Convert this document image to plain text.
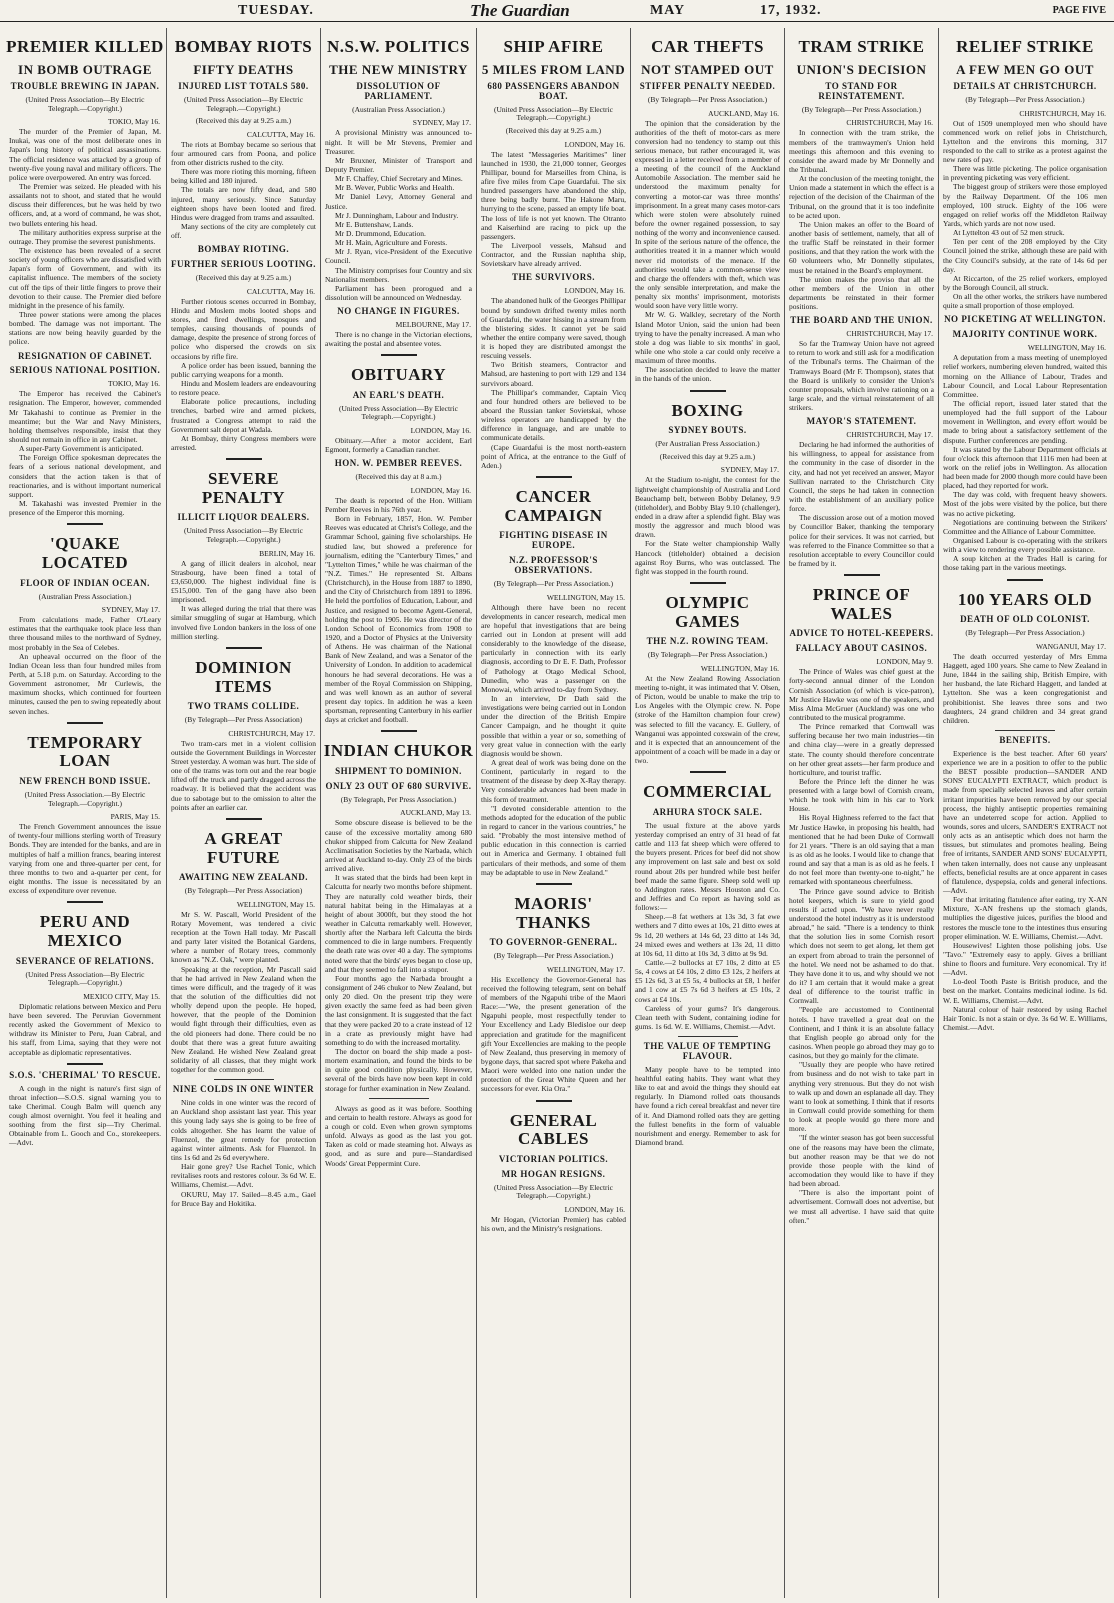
TUESDAY.	The Guardian	MAY	17, 1932.	PAGE FIVE
PREMIER KILLED
IN BOMB OUTRAGE
TROUBLE BREWING IN JAPAN.
(United Press Association—By Electric Telegraph.—Copyright.)
TOKIO, May 16.

The murder of the Premier of Japan, M. Inukai, was one of the most deliberate ones in Japan's long history of political assassinations. The official residence was attacked by a group of twenty-five young naval and military officers. The police were overpowered. An entry was forced.

The Premier was seized. He pleaded with his assailants not to shoot, and stated that he would discuss their differences, but he was held by two officers, and, at a word of command, he was shot, two bullets entering his head.

The military authorities express surprise at the outrage. They promise the severest punishments.

The existence has been revealed of a secret society of young officers who are dissatisfied with Japan's form of Government, and with its capitalist influence. The members of the society cut off the tips of their little fingers to prove their devotion to their cause. The Premier died before midnight in the presence of his family.

Three power stations were among the places bombed. The damage was not important. The stations are now being heavily guarded by the police.

RESIGNATION OF CABINET.
SERIOUS NATIONAL POSITION.
TOKIO, May 16.

The Emperor has received the Cabinet's resignation. The Emperor, however, commended Mr Takahashi to continue as Premier in the meantime; but the War and Navy Ministers, holding themselves responsible, insist that they should not remain in office in any Cabinet.

A super-Party Government is anticipated.

The Foreign Office spokesman deprecates the fears of a serious national development, and considers that the action taken is that of reactionaries, and is without important numerical support.

M. Takahashi was invested Premier in the presence of the Emperor this morning.

'QUAKE LOCATED
FLOOR OF INDIAN OCEAN.
(Australian Press Association.)
SYDNEY, May 17.

From calculations made, Father O'Leary estimates that the earthquake took place less than three thousand miles to the northward of Sydney, most probably in the Sea of Celebes.

An upheaval occurred on the floor of the Indian Ocean less than four hundred miles from Perth, at 5.18 p.m. on Saturday. According to the Government astronomer, Mr Curlewis, the maximum shocks, which continued for fourteen minutes, caused the pen to swing repeatedly about seven inches.

TEMPORARY LOAN
NEW FRENCH BOND ISSUE.
(United Press Association.—By Electric Telegraph.—Copyright.)
PARIS, May 15.

The French Government announces the issue of twenty-four millions sterling worth of Treasury Bonds. They are intended for the banks, and are in multiples of half a million francs, bearing interest varying from one and three-quarter per cent, for three months to two and a-quarter per cent, for eight months. The issue is necessitated by an excess of expenditure over revenue.

PERU AND MEXICO
SEVERANCE OF RELATIONS.
(United Press Association—By Electric Telegraph.—Copyright.)
MEXICO CITY, May 15.

Diplomatic relations between Mexico and Peru have been severed. The Peruvian Government recently asked the Government of Mexico to withdraw its Minister to Peru, Juan Cabral, and his staff, from Lima, saying that they were not acceptable as diplomatic representatives.

S.O.S. 'CHERIMAL' TO RESCUE.

A cough in the night is nature's first sign of throat infection—S.O.S. signal warning you to take Cherimal. Cough Balm will quench any cough almost overnight. You feel it healing and soothing from the first sip—Try Cherimal. Obtainable from L. Gooch and Co., storekeepers.—Advt.

BOMBAY RIOTS
FIFTY DEATHS
INJURED LIST TOTALS 580.
(United Press Association—By Electric Telegraph.—Copyright.)
(Received this day at 9.25 a.m.)
CALCUTTA, May 16.

The riots at Bombay became so serious that four armoured cars from Poona, and police from other districts rushed to the city.

There was more rioting this morning, fifteen being killed and 180 injured.

The totals are now fifty dead, and 580 injured, many seriously. Since Saturday eighteen shops have been looted and fired. Hindus were dragged from trams and assaulted.

Many sections of the city are completely cut off.

BOMBAY RIOTING.
FURTHER SERIOUS LOOTING.
(Received this day at 9.25 a.m.)
CALCUTTA, May 16.

Further riotous scenes occurred in Bombay, Hindu and Moslem mobs looted shops and stores, and fired dwellings, mosques and temples, causing thousands of pounds of damage, despite the presence of strong forces of police who dispersed the crowds on six occasions by rifle fire.

A police order has been issued, banning the public carrying weapons for a month.

Hindu and Moslem leaders are endeavouring to restore peace.

Elaborate police precautions, including trenches, barbed wire and armed pickets, frustrated a Congress attempt to raid the Government salt depot at Wadala.

At Bombay, thirty Congress members were arrested.

SEVERE PENALTY
ILLICIT LIQUOR DEALERS.
(United Press Association—By Electric Telegraph.—Copyright.)
BERLIN, May 16.

A gang of illicit dealers in alcohol, near Strasbourg, have been fined a total of £3,650,000. The highest individual fine is £515,000. Ten of the gang have also been imprisoned.

It was alleged during the trial that there was similar smuggling of sugar at Hamburg, which involved five London bankers in the loss of one million sterling.

DOMINION ITEMS
TWO TRAMS COLLIDE.
(By Telegraph—Per Press Association)
CHRISTCHURCH, May 17.

Two tram-cars met in a violent collision outside the Government Buildings in Worcester Street yesterday. A woman was hurt. The side of one of the trams was torn out and the rear bogie lifted off the truck and partly dragged across the roadway. It is believed that the accident was due to sabotage but to the omission to alter the points after an earlier car.

A GREAT FUTURE
AWAITING NEW ZEALAND.
(By Telegraph—Per Press Association)
WELLINGTON, May 15.

Mr S. W. Pascall, World President of the Rotary Movement, was tendered a civic reception at the Town Hall today. Mr Pascall and party later visited the Botanical Gardens, where a number of Rotary trees, commonly known as "N.Z. Oak," were planted.

Speaking at the reception, Mr Pascall said that he had arrived in New Zealand when the times were difficult, and the tragedy of it was that the solution of the difficulties did not wholly depend upon the people. He hoped, however, that the people of the Dominion would fight through their difficulties, even as the old pioneers had done. There could be no doubt that there was a great future awaiting New Zealand. He wished New Zealand great solidarity of all classes, that they might work together for the common good.

NINE COLDS IN ONE WINTER

Nine colds in one winter was the record of an Auckland shop assistant last year. This year this young lady says she is going to be free of colds altogether. She has learnt the value of Fluenzol, the great remedy for protection against winter ailments. Ask for Fluenzol. In tins 1s 6d and 2s 6d everywhere.

Hair gone grey? Use Rachel Tonic, which revitalises roots and restores colour. 3s 6d W. E. Williams, Chemist.—Advt.

OKURU, May 17. Sailed—8.45 a.m., Gael for Bruce Bay and Hokitika.

N.S.W. POLITICS
THE NEW MINISTRY
DISSOLUTION OF PARLIAMENT.
(Australian Press Association.)
SYDNEY, May 17.

A provisional Ministry was announced to-night. It will be Mr Stevens, Premier and Treasurer.

Mr Bruxner, Minister of Transport and Deputy Premier.

Mr F. Chaffey, Chief Secretary and Mines.

Mr B. Wever, Public Works and Health.

Mr Daniel Levy, Attorney General and Justice.

Mr J. Dunningham, Labour and Industry.

Mr E. Buttenshaw, Lands.

Mr D. Drummond, Education.

Mr H. Main, Agriculture and Forests.

Mr J. Ryan, vice-President of the Executive Council.

The Ministry comprises four Country and six Nationalist members.

Parliament has been prorogued and a dissolution will be announced on Wednesday.

NO CHANGE IN FIGURES.
MELBOURNE, May 17.

There is no change in the Victorian elections, awaiting the postal and absentee votes.

OBITUARY
AN EARL'S DEATH.
(United Press Association—By Electric Telegraph.—Copyright.)
LONDON, May 16.

Obituary.—After a motor accident, Earl Egmont, formerly a Canadian rancher.

HON. W. PEMBER REEVES.
(Received this day at 8 a.m.)
LONDON, May 16.

The death is reported of the Hon. William Pember Reeves in his 76th year.

Born in February, 1857, Hon. W. Pember Reeves was educated at Christ's College, and the Grammar School, gaining five scholarships. He studied law, but showed a preference for journalism, editing the "Canterbury Times," and "Lyttelton Times," while he was chairman of the "N.Z. Times." He represented St. Albans (Christchurch), in the House from 1887 to 1890, and the City of Christchurch from 1891 to 1896. He held the portfolios of Education, Labour, and Justice, and resigned to become Agent-General, holding the post to 1905. He was director of the London School of Economics from 1908 to 1920, and a Doctor of Physics at the University of Athens. He was chairman of the National Bank of New Zealand, and was a Senator of the University of London. In addition to academical honours he had several decorations. He was a member of the Royal Commission on Shipping, and was well known as an author of several present day topics. In addition he was a keen sportsman, representing Canterbury in his earlier days at cricket and football.

INDIAN CHUKOR
SHIPMENT TO DOMINION.
ONLY 23 OUT OF 680 SURVIVE.
(By Telegraph, Per Press Association.)
AUCKLAND, May 13.

Some obscure disease is believed to be the cause of the excessive mortality among 680 chukor shipped from Calcutta for New Zealand Acclimatisation Societies by the Narbada, which arrived at Auckland to-day. Only 23 of the birds arrived alive.

It was stated that the birds had been kept in Calcutta for nearly two months before shipment. They are naturally cold weather birds, their natural habitat being in the Himalayas at a height of about 3000ft, but they stood the hot weather in Calcutta remarkably well. However, shortly after the Narbara left Calcutta the birds commenced to die in large numbers. Frequently the death rate was over 40 a day. The symptoms noted were that the birds' eyes began to close up, and that they seemed to fall into a stupor.

Four months ago the Narbada brought a consignment of 246 chukor to New Zealand, but only 20 died. On the present trip they were given exactly the same feed as had been given the last consignment. It is suggested that the fact that they were packed 20 to a crate instead of 12 in a crate as previously might have had something to do with the increased mortality.

The doctor on board the ship made a post-mortem examination, and found the birds to be in quite good condition physically. However, several of the birds have now been kept in cold storage for further examination in New Zealand.

Always as good as it was before. Soothing and certain to health restore. Always as good for a cough or cold. Even when grown symptoms unfold. Always as good as the last you got. Taken as cold or made steaming hot. Always as good, and as sure and pure—Standardised Woods' Great Peppermint Cure.

SHIP AFIRE
5 MILES FROM LAND
680 PASSENGERS ABANDON BOAT.
(United Press Association—By Electric Telegraph.—Copyright.)
(Received this day at 9.25 a.m.)
LONDON, May 16.

The latest "Messageries Maritimes" liner launched in 1930, the 21,000 tonner, Georges Phillipar, bound for Marseilles from China, is afire five miles from Cape Guardafui. The six hundred passengers have abandoned the ship, three being badly burnt. The Hakone Maru, hurrying to the scene, passed an empty life boat. The loss of life is not yet known. The Otranto and Kaiserhind are racing to pick up the passengers.

The Liverpool vessels, Mahsud and Contractor, and the Russian naphtha ship, Sovietskarv have already arrived.

THE SURVIVORS.
LONDON, May 16.

The abandoned hulk of the Georges Phillipar bound by sundown drifted twenty miles north of Guardafui, the water hissing in a stream from the blistering sides. It cannot yet be said whether the entire company were saved, though it is hoped they are distributed amongst the rescuing vessels.

Two British steamers, Contractor and Mahsud, are hastening to port with 129 and 134 survivors aboard.

The Phillipar's commander, Captain Vicq and four hundred others are believed to be aboard the Russian tanker Sovietskai, whose wireless operators are handicapped by the difference in language, and are unable to communicate details.

(Cape Guardafui is the most north-eastern point of Africa, at the entrance to the Gulf of Aden.)

CANCER CAMPAIGN
FIGHTING DISEASE IN EUROPE.
N.Z. PROFESSOR'S OBSERVATIONS.
(By Telegraph—Per Press Association.)
WELLINGTON, May 15.

Although there have been no recent developments in cancer research, medical men are hopeful that investigations that are being carried out in London at present will add considerably to the knowledge of the disease, particularly in connection with its early diagnosis, according to Dr E. F. Dath, Professor of Pathology at Otago Medical School, Dunedin, who was a passenger on the Monowai, which arrived to-day from Sydney.

In an interview, Dr Dath said the investigations were being carried out in London under the direction of the British Empire Cancer Campaign, and he thought it quite possible that within a year or so, something of very great value in connection with the early diagnosis would be shown.

A great deal of work was being done on the Continent, particularly in regard to the treatment of the disease by deep X-Ray therapy. Very considerable advances had been made in this form of treatment.

"I devoted considerable attention to the methods adopted for the education of the public in regard to cancer in the various countries," he said. "Probably the most intensive method of public education in this connection is carried out in America and Germany. I obtained full particulars of their methods, and some of them may be adaptable to use in New Zealand."

MAORIS' THANKS
TO GOVERNOR-GENERAL.
(By Telegraph—Per Press Association.)
WELLINGTON, May 17.

His Excellency the Governor-General has received the following telegram, sent on behalf of members of the Ngapuhi tribe of the Maori Race:—"We, the present generation of the Ngapuhi people, most respectfully tender to Your Excellency and Lady Bledisloe our deep appreciation and gratitude for the magnificent gift Your Excellencies are making to the people of New Zealand, thus preserving in memory of bygone days, that sacred spot where Pakeha and Maori were welded into one nation under the protection of the Great White Queen and her successors for ever. Kia Ora."

GENERAL CABLES
VICTORIAN POLITICS.
MR HOGAN RESIGNS.
(United Press Association—By Electric Telegraph.—Copyright.)
LONDON, May 16.

Mr Hogan, (Victorian Premier) has cabled his own, and the Ministry's resignations.

CAR THEFTS
NOT STAMPED OUT
STIFFER PENALTY NEEDED.
(By Telegraph—Per Press Association.)
AUCKLAND, May 16.

The opinion that the consideration by the authorities of the theft of motor-cars as mere conversion had no tendency to stamp out this serious menace, but rather encouraged it, was expressed in a letter received from a member of a meeting of the council of the Auckland Automobile Association. The member said he understood the maximum penalty for converting a motor-car was three months' imprisonment. In a great many cases motor-cars which were stolen were absolutely ruined before the owner regained possession, to say nothing of the worry and inconvenience caused. In spite of the serious nature of the offence, the authorities treated it in a manner which would never rid motorists of the menace. If the authorities would take a common-sense view and charge the offenders with theft, which was the only sensible interpretation, and make the penalty six months' imprisonment, motorists would soon have very little worry.

Mr W. G. Walkley, secretary of the North Island Motor Union, said the union had been trying to have the penalty increased. A man who stole a dog was liable to six months' in gaol, while one who stole a car could only receive a maximum of three months.

The association decided to leave the matter in the hands of the union.

BOXING
SYDNEY BOUTS.
(Per Australian Press Association.)
(Received this day at 9.25 a.m.)
SYDNEY, May 17.

At the Stadium to-night, the contest for the lightweight championship of Australia and Lord Beauchamp belt, between Bobby Delaney, 9.9 (titleholder), and Bobby Blay 9.10 (challenger), ended in a draw after a splendid fight. Blay was mostly the aggressor and much blood was drawn.

For the State welter championship Wally Hancock (titleholder) obtained a decision against Roy Burns, who was outclassed. The fight was stopped in the fourth round.

OLYMPIC GAMES
THE N.Z. ROWING TEAM.
(By Telegraph—Per Press Association.)
WELLINGTON, May 16.

At the New Zealand Rowing Association meeting to-night, it was intimated that V. Olsen, of Picton, would be unable to make the trip to Los Angeles with the Olympic crew. N. Pope (stroke of the Hamilton champion four crew) was selected to fill the vacancy. E. Gullery, of Wanganui was appointed coxswain of the crew, and it is expected that an announcement of the appointment of a coach will be made in a day or two.

COMMERCIAL
ARHURA STOCK SALE.

The usual fixture at the above yards yesterday comprised an entry of 31 head of fat cattle and 113 fat sheep which were offered to the buyers present. Prices for beef did not show any improvement on last sale and best ox sold round about 20s per hundred while best heifer beef made the same figure. Sheep sold well up to Addington rates. Messrs Houston and Co. and Jeffries and Co report as having sold as follows:—

Sheep.—8 fat wethers at 13s 3d, 3 fat ewe wethers and 7 ditto ewes at 10s, 21 ditto ewes at 9s 1d, 20 wethers at 14s 6d, 23 ditto at 14s 3d, 24 mixed ewes and wethers at 13s 2d, 11 ditto at 10s 6d, 11 ditto at 10s 3d, 3 ditto at 9s 9d.

Cattle.—2 bullocks at £7 10s, 2 ditto at £5 5s, 4 cows at £4 10s, 2 ditto £3 12s, 2 heifers at £5 12s 6d, 3 at £5 5s, 4 bullocks at £8, 1 heifer and 1 cow at £5 7s 6d 3 heifers at £5 10s, 2 cows at £4 10s.

Careless of your gums? It's dangerous. Clean teeth with Sudent, containing iodine for gums. 1s 6d. W. E. Williams, Chemist.—Advt.

THE VALUE OF TEMPTING FLAVOUR.

Many people have to be tempted into healthful eating habits. They want what they like to eat and avoid the things they should eat regularly. In Diamond rolled oats thousands have found a rich cereal breakfast and never tire of it. And Diamond rolled oats they are getting the fullest benefits in the form of valuable nourishment and energy. Remember to ask for Diamond brand.

TRAM STRIKE
UNION'S DECISION
TO STAND FOR REINSTATEMENT.
(By Telegraph—Per Press Association.)
CHRISTCHURCH, May 16.

In connection with the tram strike, the members of the tramwaymen's Union held meetings this afternoon and this evening to consider the award made by Mr Donnelly and the Tribunal.

At the conclusion of the meeting tonight, the Union made a statement in which the effect is a rejection of the decision of the Chairman of the Tribunal, on the ground that it is too indefinite to be acted upon.

The Union makes an offer to the Board of another basis of settlement, namely, that all of the traffic Staff be reinstated in their former positions, and that they ration the work with the 60 volunteers who, Mr Donnelly stipulates, must be retained in the Board's employment.

The union makes the proviso that all the other members of the Union in other departments be reinstated in their former positions.

THE BOARD AND THE UNION.
CHRISTCHURCH, May 17.

So far the Tramway Union have not agreed to return to work and still ask for a modification of the Tribunal's terms. The Chairman of the Tramways Board (Mr F. Thompson), states that the Board is unlikely to consider the Union's counter proposals, which involve rationing on a large scale, and the virtual reinstatement of all strikers.

MAYOR'S STATEMENT.
CHRISTCHURCH, May 17.

Declaring he had informed the authorities of his willingness, to appeal for assistance from the community in the case of disorder in the city, and had not yet received an answer, Mayor Sullivan narrated to the Christchurch City Council, the steps he had taken in connection with the establishment of an auxiliary police force.

The discussion arose out of a motion moved by Councillor Baker, thanking the temporary police for their services. It was not carried, but was referred to the Finance Committee so that a resolution acceptable to every Councillor could be framed by it.

PRINCE OF WALES
ADVICE TO HOTEL-KEEPERS.
FALLACY ABOUT CASINOS.
LONDON, May 9.

The Prince of Wales was chief guest at the forty-second annual dinner of the London Cornish Association (of which is vice-patron), Mr Justice Hawke was one of the speakers, and Miss Alma McGruer (Auckland) was one who contributed to the musical programme.

The Prince remarked that Cornwall was suffering because her two main industries—tin and china clay—were in a greatly depressed state. The county should therefore concentrate on her other great assets—her farm produce and horticulture, and tourist traffic.

Before the Prince left the dinner he was presented with a large bowl of Cornish cream, which he took with him in his car to York House.

His Royal Highness referred to the fact that Mr Justice Hawke, in proposing his health, had mentioned that he had been Duke of Cornwall for 21 years. "There is an old saying that a man is as old as he looks. I would like to change that round and say that a man is as old as he feels. I do not feel more than twenty-one to-night," he remarked with spontaneous cheerfulness.

The Prince gave sound advice to British hotel keepers, which is sure to yield good results if acted upon. "We have never really understood the hotel industry as it is understood abroad," he said. "There is a tendency to think that the solution lies in some Cornish resort which does not seem to get along, let them get an expert from abroad to train the personnel of the hotel. We need not be ashamed to do that. They have done it to us, and why should we not do it? I am certain that it would make a great deal of difference to the tourist traffic in Cornwall.

"People are accustomed to Continental hotels. I have travelled a great deal on the Continent, and I think it is an absolute fallacy that English people go abroad only for the casinos. When people go abroad they may go to casinos, but they go mainly for the climate.

"Usually they are people who have retired from business and do not wish to take part in anything very strenuous. But they do not wish to walk up and down an esplanade all day. They want to look at something. I think that if resorts in Cornwall could provide something for them to look at people would go there more and more.

"If the winter season has got been successful one of the reasons may have been the climate, but another reason may be that we do not provide those people with the kind of accomodation they would like to have if they had been abroad.

"There is also the important point of advertisement. Cornwall does not advertise, but we must all advertise. I have said that quite often."

RELIEF STRIKE
A FEW MEN GO OUT
DETAILS AT CHRISTCHURCH.
(By Telegraph—Per Press Association.)
CHRISTCHURCH, May 16.

Out of 1509 unemployed men who should have commenced work on relief jobs in Christchurch, Lyttelton and the environs this morning, 317 responded to the call to strike as a protest against the new rates of pay.

There was little picketing. The police organisation in preventing picketing was very efficient.

The biggest group of strikers were those employed by the Railway Department. Of the 106 men employed, 100 struck. Eighty of the 106 were engaged on relief works off the Middleton Railway Yards, which yards are not now used.

At Lyttelton 43 out of 52 men struck.

Ten per cent of the 208 employed by the City Council joined the strike, although these are paid with the City Council's subsidy, at the rate of 14s 6d per day.

At Riccarton, of the 25 relief workers, employed by the Borough Council, all struck.

On all the other works, the strikers have numbered quite a small proportion of those employed.

NO PICKETING AT WELLINGTON.
MAJORITY CONTINUE WORK.
WELLINGTON, May 16.

A deputation from a mass meeting of unemployed relief workers, numbering eleven hundred, waited this morning on the Alliance of Labour, Trades and Labour Council, and Local Labour Representation Committee.

The official report, issued later stated that the unemployed had the full support of the Labour movement in Wellington, and every effort would be made to bring about a satisfactory settlement of the dispute. Further conferences are pending.

It was stated by the Labour Department officials at four o'clock this afternoon that 1116 men had been at work on the relief jobs in Wellington. As allocation had been made for 2000 though more could have been placed, had they reported for work.

The day was cold, with frequent heavy showers. Most of the jobs were visited by the police, but there was no active picketing.

Negotiations are continuing between the Strikers' Committee and the Alliance of Labour Committee.

Organised Labour is co-operating with the strikers with a view to rendering every possible assistance.

A soup kitchen at the Trades Hall is caring for those taking part in the various meetings.

100 YEARS OLD
DEATH OF OLD COLONIST.
(By Telegraph—Per Press Association.)
WANGANUI, May 17.

The death occurred yesterday of Mrs Emma Haggett, aged 100 years. She came to New Zealand in June, 1844 in the sailing ship, British Empire, with her husband, the late Richard Haggett, and landed at Lyttelton. She was a keen congregationist and prohibitionist. She leaves three sons and two daughters, 24 grand children and 34 great grand children.

BENEFITS.

Experience is the best teacher. After 60 years' experience we are in a position to offer to the public the BEST possible production—SANDER AND SONS' EUCALYPTI EXTRACT, which product is made from specially selected leaves and after certain irritant impurities have been removed by our special process, the highly antiseptic properties remaining have an undeterred scope for action. Applied to wounds, sores and ulcers, SANDER'S EXTRACT not only acts as an antiseptic which does not harm the tissues, but stimulates and promotes healing. Being free of irritants, SANDER AND SONS' EUCALYPTI, when taken internally, does not cause any unpleasant effects, beneficial results are at once apparent in cases of flatulence, dyspepsia, colds and general infections.—Advt.

For that irritating flatulence after eating, try X-AN Mixture, X-AN freshens up the stomach glands, multiplies the digestive juices, purifies the blood and restores the muscle tone to the intestines thus ensuring proper elimination. W. E. Williams, Chemist.—Advt.

Housewives! Lighten those polishing jobs. Use "Tavo." "Extremely easy to apply. Gives a brilliant shine to floors and furniture. Very economical. Try it!—Advt.

Lo-deol Tooth Paste is British produce, and the best on the market. Contains medicinal iodine. 1s 6d. W. E. Williams, Chemist.—Advt.

Natural colour of hair restored by using Rachel Hair Tonic. Is not a stain or dye. 3s 6d W. E. Williams, Chemist.—Advt.
